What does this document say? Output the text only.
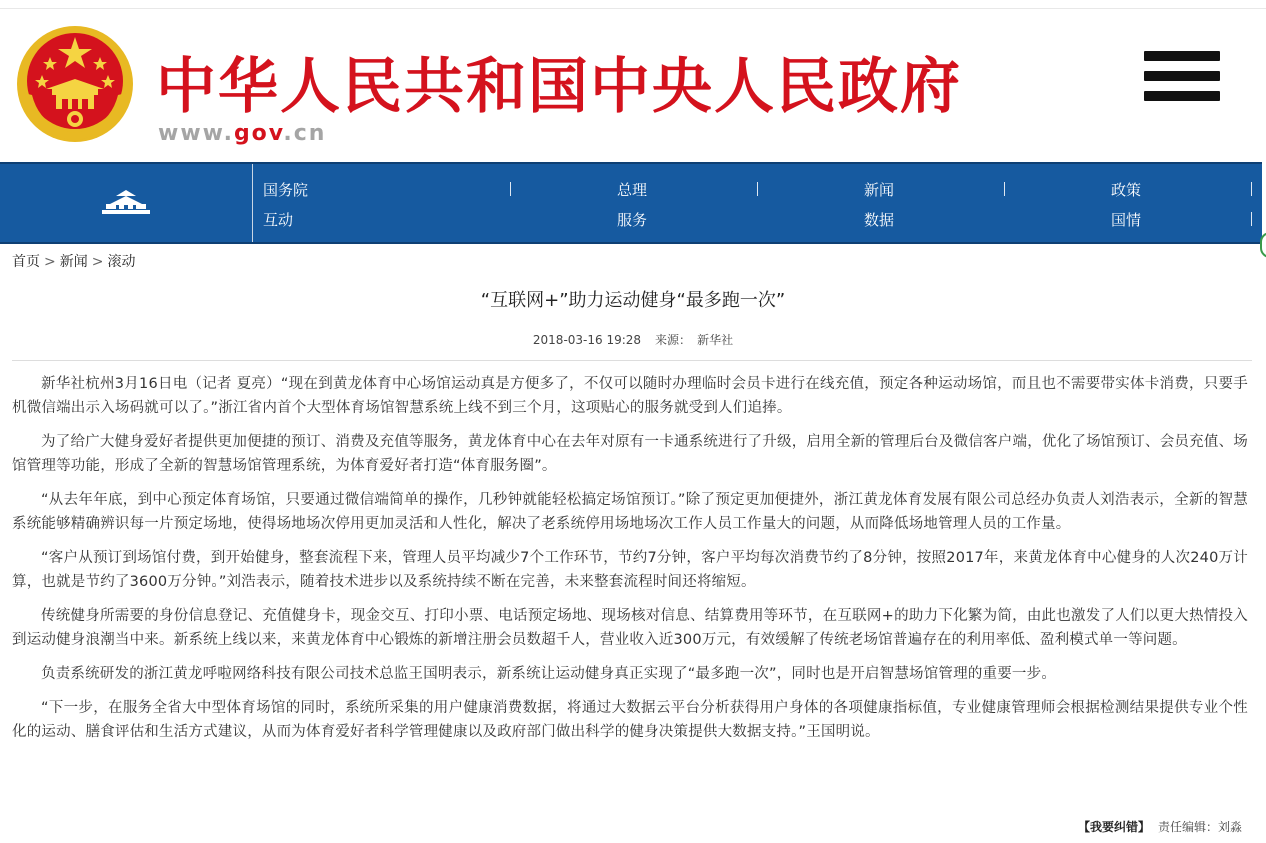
中华人民共和国中央人民政府
www.gov.cn
国务院	总理	新闻	政策
互动	服务	数据	国情
首页 > 新闻 > 滚动
“互联网+”助力运动健身“最多跑一次”
2018-03-16 19:28 来源： 新华社

新华社杭州3月16日电（记者 夏亮）“现在到黄龙体育中心场馆运动真是方便多了，不仅可以随时办理临时会员卡进行在线充值，预定各种运动场馆，而且也不需要带实体卡消费，只要手机微信端出示入场码就可以了。”浙江省内首个大型体育场馆智慧系统上线不到三个月，这项贴心的服务就受到人们追捧。

为了给广大健身爱好者提供更加便捷的预订、消费及充值等服务，黄龙体育中心在去年对原有一卡通系统进行了升级，启用全新的管理后台及微信客户端，优化了场馆预订、会员充值、场馆管理等功能，形成了全新的智慧场馆管理系统，为体育爱好者打造“体育服务圈”。

“从去年年底，到中心预定体育场馆，只要通过微信端简单的操作，几秒钟就能轻松搞定场馆预订。”除了预定更加便捷外，浙江黄龙体育发展有限公司总经办负责人刘浩表示，全新的智慧系统能够精确辨识每一片预定场地，使得场地场次停用更加灵活和人性化，解决了老系统停用场地场次工作人员工作量大的问题，从而降低场地管理人员的工作量。

“客户从预订到场馆付费，到开始健身，整套流程下来，管理人员平均减少7个工作环节，节约7分钟，客户平均每次消费节约了8分钟，按照2017年，来黄龙体育中心健身的人次240万计算，也就是节约了3600万分钟。”刘浩表示，随着技术进步以及系统持续不断在完善，未来整套流程时间还将缩短。

传统健身所需要的身份信息登记、充值健身卡，现金交互、打印小票、电话预定场地、现场核对信息、结算费用等环节，在互联网+的助力下化繁为简，由此也激发了人们以更大热情投入到运动健身浪潮当中来。新系统上线以来，来黄龙体育中心锻炼的新增注册会员数超千人，营业收入近300万元，有效缓解了传统老场馆普遍存在的利用率低、盈利模式单一等问题。

负责系统研发的浙江黄龙呼啦网络科技有限公司技术总监王国明表示，新系统让运动健身真正实现了“最多跑一次”，同时也是开启智慧场馆管理的重要一步。

“下一步，在服务全省大中型体育场馆的同时，系统所采集的用户健康消费数据，将通过大数据云平台分析获得用户身体的各项健康指标值，专业健康管理师会根据检测结果提供专业个性化的运动、膳食评估和生活方式建议，从而为体育爱好者科学管理健康以及政府部门做出科学的健身决策提供大数据支持。”王国明说。

【我要纠错】 责任编辑：刘淼
